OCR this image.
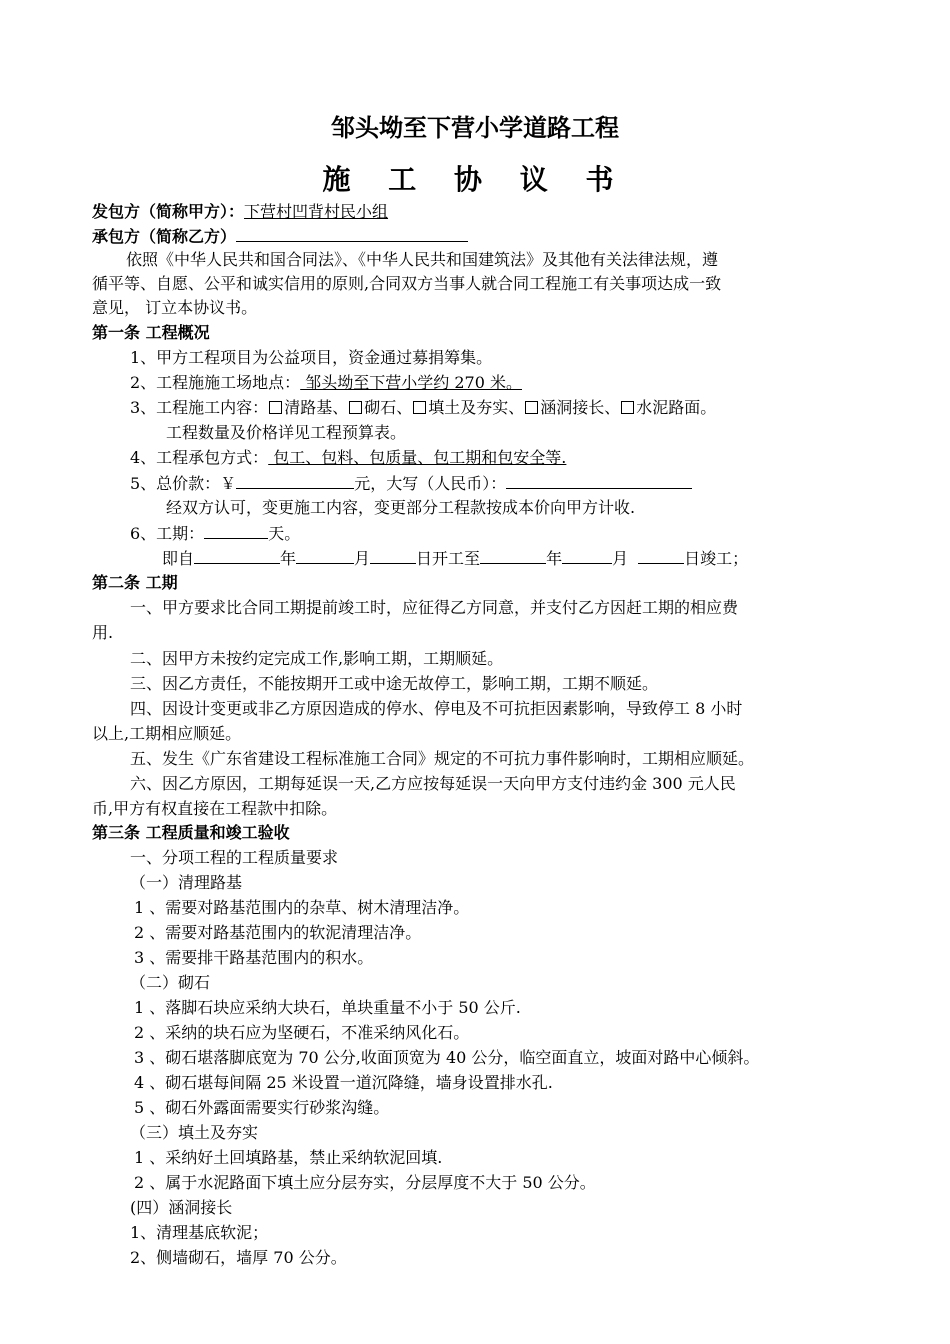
邹头坳至下营小学道路工程
施 工 协 议 书
发包方（简称甲方）：下营村凹背村民小组
承包方（简称乙方）
依照《中华人民共和国合同法》、《中华人民共和国建筑法》及其他有关法律法规，遵
循平等、自愿、公平和诚实信用的原则,合同双方当事人就合同工程施工有关事项达成一致
意见， 订立本协议书。
第一条 工程概况
1、甲方工程项目为公益项目，资金通过募捐筹集。
2、工程施施工场地点： 邹头坳至下营小学约 270 米。
3、工程施工内容： 清路基、 砌石、 填土及夯实、 涵洞接长、 水泥路面。
工程数量及价格详见工程预算表。
4、工程承包方式： 包工、包料、包质量、包工期和包安全等.
5、总价款：￥	元，大写（人民币）：
经双方认可，变更施工内容，变更部分工程款按成本价向甲方计收.
6、工期：	天。
即自	年	月	日开工至	年	月	日竣工；
第二条 工期
一、甲方要求比合同工期提前竣工时，应征得乙方同意，并支付乙方因赶工期的相应费
用.
二、因甲方未按约定完成工作,影响工期，工期顺延。
三、因乙方责任，不能按期开工或中途无故停工，影响工期，工期不顺延。
四、因设计变更或非乙方原因造成的停水、停电及不可抗拒因素影响，导致停工 8 小时
以上,工期相应顺延。
五、发生《广东省建设工程标准施工合同》规定的不可抗力事件影响时，工期相应顺延。
六、因乙方原因，工期每延误一天,乙方应按每延误一天向甲方支付违约金 300 元人民
币,甲方有权直接在工程款中扣除。
第三条 工程质量和竣工验收
一、分项工程的工程质量要求
（一）清理路基
1 、需要对路基范围内的杂草、树木清理洁净。
2 、需要对路基范围内的软泥清理洁净。
3 、需要排干路基范围内的积水。
（二）砌石
1 、落脚石块应采纳大块石，单块重量不小于 50 公斤.
2 、采纳的块石应为坚硬石，不准采纳风化石。
3 、砌石堪落脚底宽为 70 公分,收面顶宽为 40 公分，临空面直立，坡面对路中心倾斜。
4 、砌石堪每间隔 25 米设置一道沉降缝，墙身设置排水孔.
5 、砌石外露面需要实行砂浆沟缝。
（三）填土及夯实
1 、采纳好土回填路基，禁止采纳软泥回填.
2 、属于水泥路面下填土应分层夯实，分层厚度不大于 50 公分。
(四）涵洞接长
1、清理基底软泥；
2、侧墙砌石，墙厚 70 公分。
